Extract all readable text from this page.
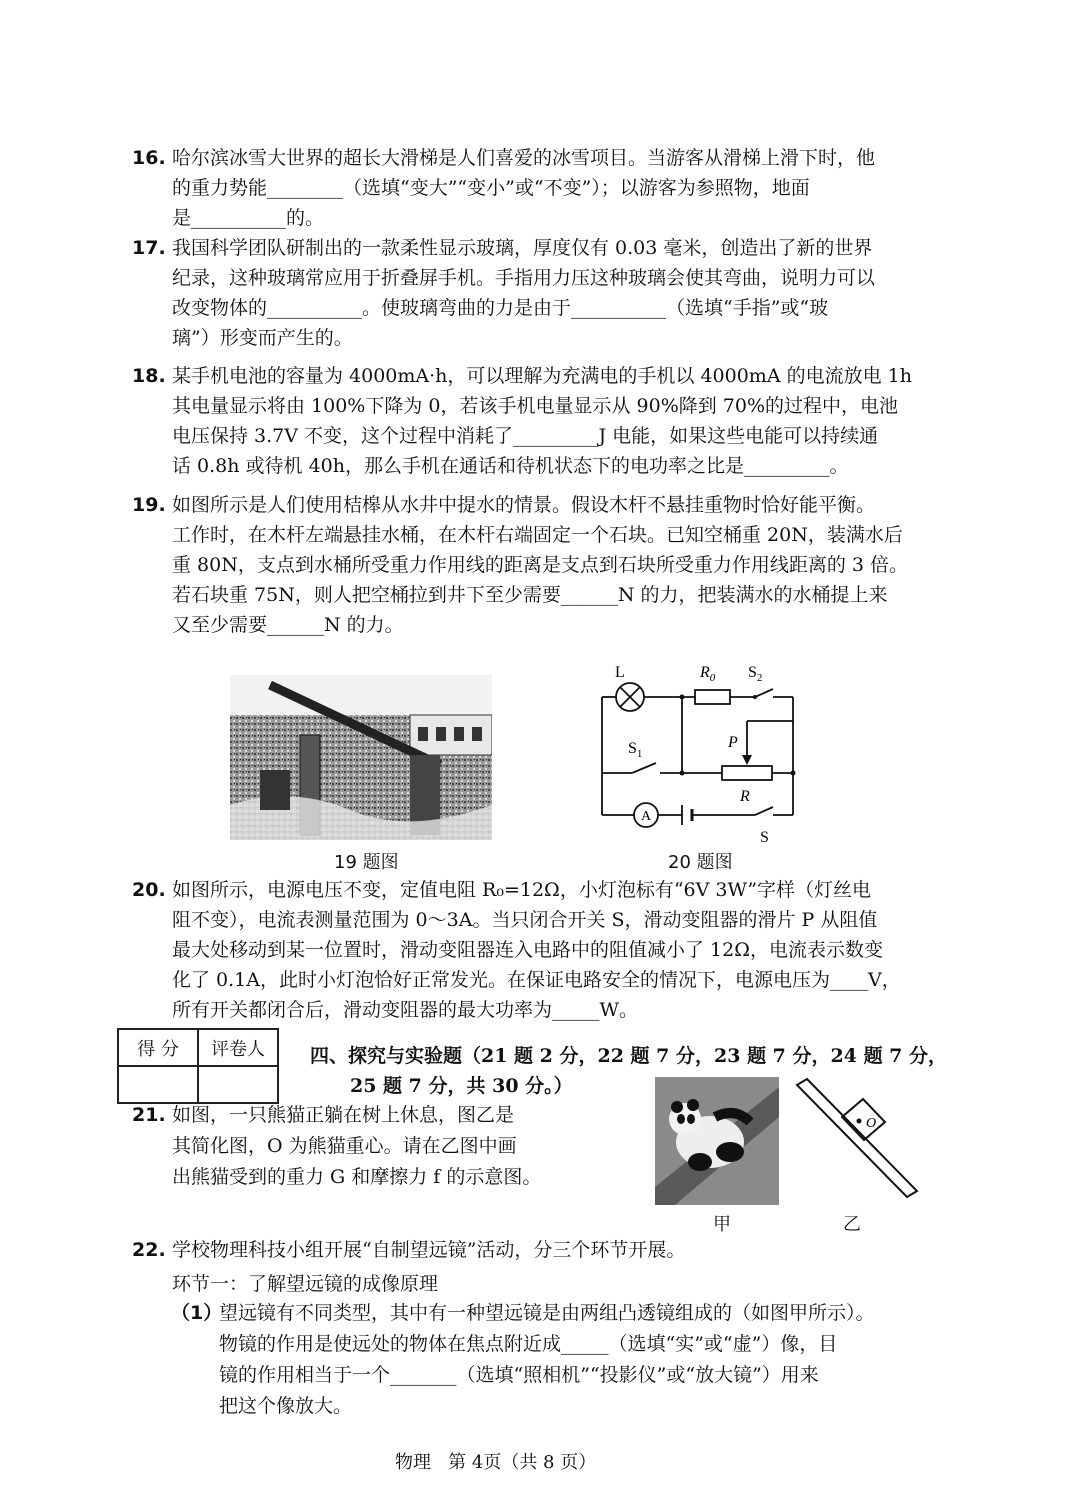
16. 哈尔滨冰雪大世界的超长大滑梯是人们喜爱的冰雪项目。当游客从滑梯上滑下时，他
的重力势能________（选填“变大”“变小”或“不变”）；以游客为参照物，地面
是__________的。
17. 我国科学团队研制出的一款柔性显示玻璃，厚度仅有 0.03 毫米，创造出了新的世界
纪录，这种玻璃常应用于折叠屏手机。手指用力压这种玻璃会使其弯曲，说明力可以
改变物体的__________。使玻璃弯曲的力是由于__________（选填“手指”或“玻
璃”）形变而产生的。
18. 某手机电池的容量为 4000mA·h，可以理解为充满电的手机以 4000mA 的电流放电 1h
其电量显示将由 100%下降为 0，若该手机电量显示从 90%降到 70%的过程中，电池
电压保持 3.7V 不变，这个过程中消耗了_________J 电能，如果这些电能可以持续通
话 0.8h 或待机 40h，那么手机在通话和待机状态下的电功率之比是_________。
19. 如图所示是人们使用桔槔从水井中提水的情景。假设木杆不悬挂重物时恰好能平衡。
工作时，在木杆左端悬挂水桶，在木杆右端固定一个石块。已知空桶重 20N，装满水后
重 80N，支点到水桶所受重力作用线的距离是支点到石块所受重力作用线距离的 3 倍。
若石块重 75N，则人把空桶拉到井下至少需要______N 的力，把装满水的水桶提上来
又至少需要______N 的力。
19 题图
L	$R_0$ $S_2$
$S_1$
P
R
A
S
20 题图
20. 如图所示，电源电压不变，定值电阻 R₀=12Ω，小灯泡标有“6V 3W”字样（灯丝电
阻不变），电流表测量范围为 0～3A。当只闭合开关 S，滑动变阻器的滑片 P 从阻值
最大处移动到某一位置时，滑动变阻器连入电路中的阻值减小了 12Ω，电流表示数变
化了 0.1A，此时小灯泡恰好正常发光。在保证电路安全的情况下，电源电压为____V，
所有开关都闭合后，滑动变阻器的最大功率为_____W。
得 分	评卷人
	四、探究与实验题（21 题 2 分，22 题 7 分，23 题 7 分，24 题 7 分，
25 题 7 分，共 30 分。）
21. 如图，一只熊猫正躺在树上休息，图乙是
其简化图，O 为熊猫重心。请在乙图中画
出熊猫受到的重力 G 和摩擦力 f 的示意图。
甲
O
乙
22. 学校物理科技小组开展“自制望远镜”活动，分三个环节开展。
环节一：了解望远镜的成像原理
（1）
望远镜有不同类型，其中有一种望远镜是由两组凸透镜组成的（如图甲所示）。
物镜的作用是使远处的物体在焦点附近成_____（选填“实”或“虚”）像，目
镜的作用相当于一个_______（选填“照相机”“投影仪”或“放大镜”）用来
把这个像放大。
物理   第 4页（共 8 页）
